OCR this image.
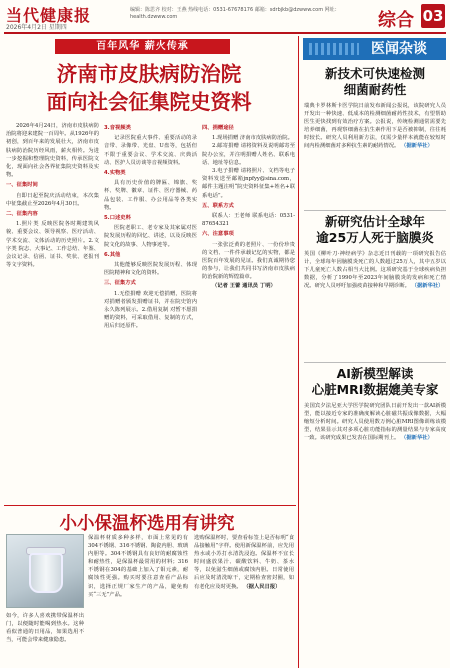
当代健康报
2026年4月2日 星期四
编辑：陈思齐 校对：王燕 热线电话：0531-67678176 邮箱：sdrbjkb@dzwww.com 网址：health.dzwww.com	综合 03
百年风华 薪火传承
济南市皮肤病防治院
面向社会征集院史资料
2026年4月24日，济南市皮肤病防治院将迎来建院一百周年。从1926年的初创，到百年来的发展壮大，济南市皮肤病防治院历经风雨，薪火相传。为进一步挖掘和整理院史资料，传承医院文化，现面向社会各界征集院史资料及实物。
一、征集时间
自即日起至院庆活动结束，本次集中征集截止至2026年4月30日。
二、征集内容
1.照片类 反映医院各时期建筑风貌、重要会议、领导视察、医疗活动、学术交流、文体活动的历史照片。2.文字类 院志、大事记、工作总结、年鉴、会议记录、信函、证书、奖状、老报刊等文字资料。
3.音视频类
记录医院重大事件、重要活动的录音带、录像带、光盘、U盘等，包括但不限于重要会议、学术交流、庆典活动、医护人员访谈等音视频资料。
4.实物类
具有历史价值的牌匾、锦旗、奖杯、奖牌、徽章、证件、医疗器械、药品包装、工作服、办公用品等各类实物。
5.口述史料
医院老职工、老专家及其家属对医院发展历程的回忆、讲述，以及反映医院文化的故事、人物事迹等。
6.其他
其他能够反映医院发展历程、体现医院精神和文化的资料。
三、征集方式
1.无偿捐赠 欢迎无偿捐赠，医院将对捐赠者颁发捐赠证书，并在院史馆内永久陈列展示。2.借用复制 对暂不愿捐赠的资料，可采取借用、复制的方式，用后归还原件。
四、捐赠途径
1.现场捐赠 济南市皮肤病防治院。
2.邮寄捐赠 请将资料及说明邮寄至院办公室，并注明捐赠人姓名、联系电话、地址等信息。
3.电子捐赠 请将照片、文档等电子资料发送至邮箱jnpfyy@sina.com，邮件主题注明“院史资料征集+姓名+联系电话”。
五、联系方式
联系人：王老师 联系电话：0531-87654321
六、注意事项
一张张泛黄的老照片、一份份珍贵的文档、一件件承载记忆的实物，都是医院百年发展的见证。我们真诚期待您的参与，让我们共同书写济南市皮肤病防治院新的辉煌篇章。
（记者 王蕾 通讯员 丁明）
小小保温杯选用有讲究
如今，许多人喜欢携带保温杯出门，以便随时能喝到热水。这种看似普通的日用品，如果选用不当，可能会带来健康隐患。
保温杯材质多种多样，市面上常见的有304不锈钢、316不锈钢、陶瓷内胆、玻璃内胆等。304不锈钢具有良好的耐腐蚀性和耐热性，是保温杯最常用的材料；316不锈钢在304的基础上加入了钼元素，耐腐蚀性更强。购买时要注意查看产品标识，选择正规厂家生产的产品，避免购买“三无”产品。
选购保温杯时，要查看标签上是否标明“食品接触用”字样。使用新保温杯前，应先用热水或小苏打水清洗浸泡。保温杯不宜长时间盛放果汁、碳酸饮料、牛奶、茶水等，以免滋生细菌或腐蚀内胆。日常使用后应及时清洗晾干，定期检查密封圈，如有老化应及时更换。 （据人民日报）
医闻杂谈
新技术可快速检测
细菌耐药性
瑞典卡罗林斯卡医学院日前发布新闻公报说，该院研究人员开发出一种快速、低成本的检测细菌耐药性技术，有望帮助医生更快找到有效治疗方案。公报说，传统检测通常需要先培养细菌，再观察细菌在抗生素作用下是否被抑制，往往耗时较长。研究人员利用新方法，仅需少量样本就能在较短时间内检测细菌对多种抗生素的耐药情况。 （据新华社）
新研究估计全球年
逾25万人死于脑膜炎
英国《柳叶刀·神经病学》杂志近日刊载的一项研究报告估计，全球每年因脑膜炎死亡的人数超过25万人，其中五岁以下儿童死亡人数占相当大比例。这项研究基于全球疾病负担数据，分析了1990年至2023年间脑膜炎的发病和死亡情况。研究人员呼吁加强疫苗接种和早期诊断。 （据新华社）
AI新模型解读
心脏MRI数据媲美专家
美国宾夕法尼亚大学医学院研究团队日前开发出一款AI新模型，能以接近专家的准确度解读心脏磁共振成像数据，大幅缩短分析时间。研究人员使用数万例心脏MRI图像训练该模型，结果显示其对多项心脏功能指标的测量结果与专家高度一致。该研究成果已发表在国际期刊上。 （据新华社）
